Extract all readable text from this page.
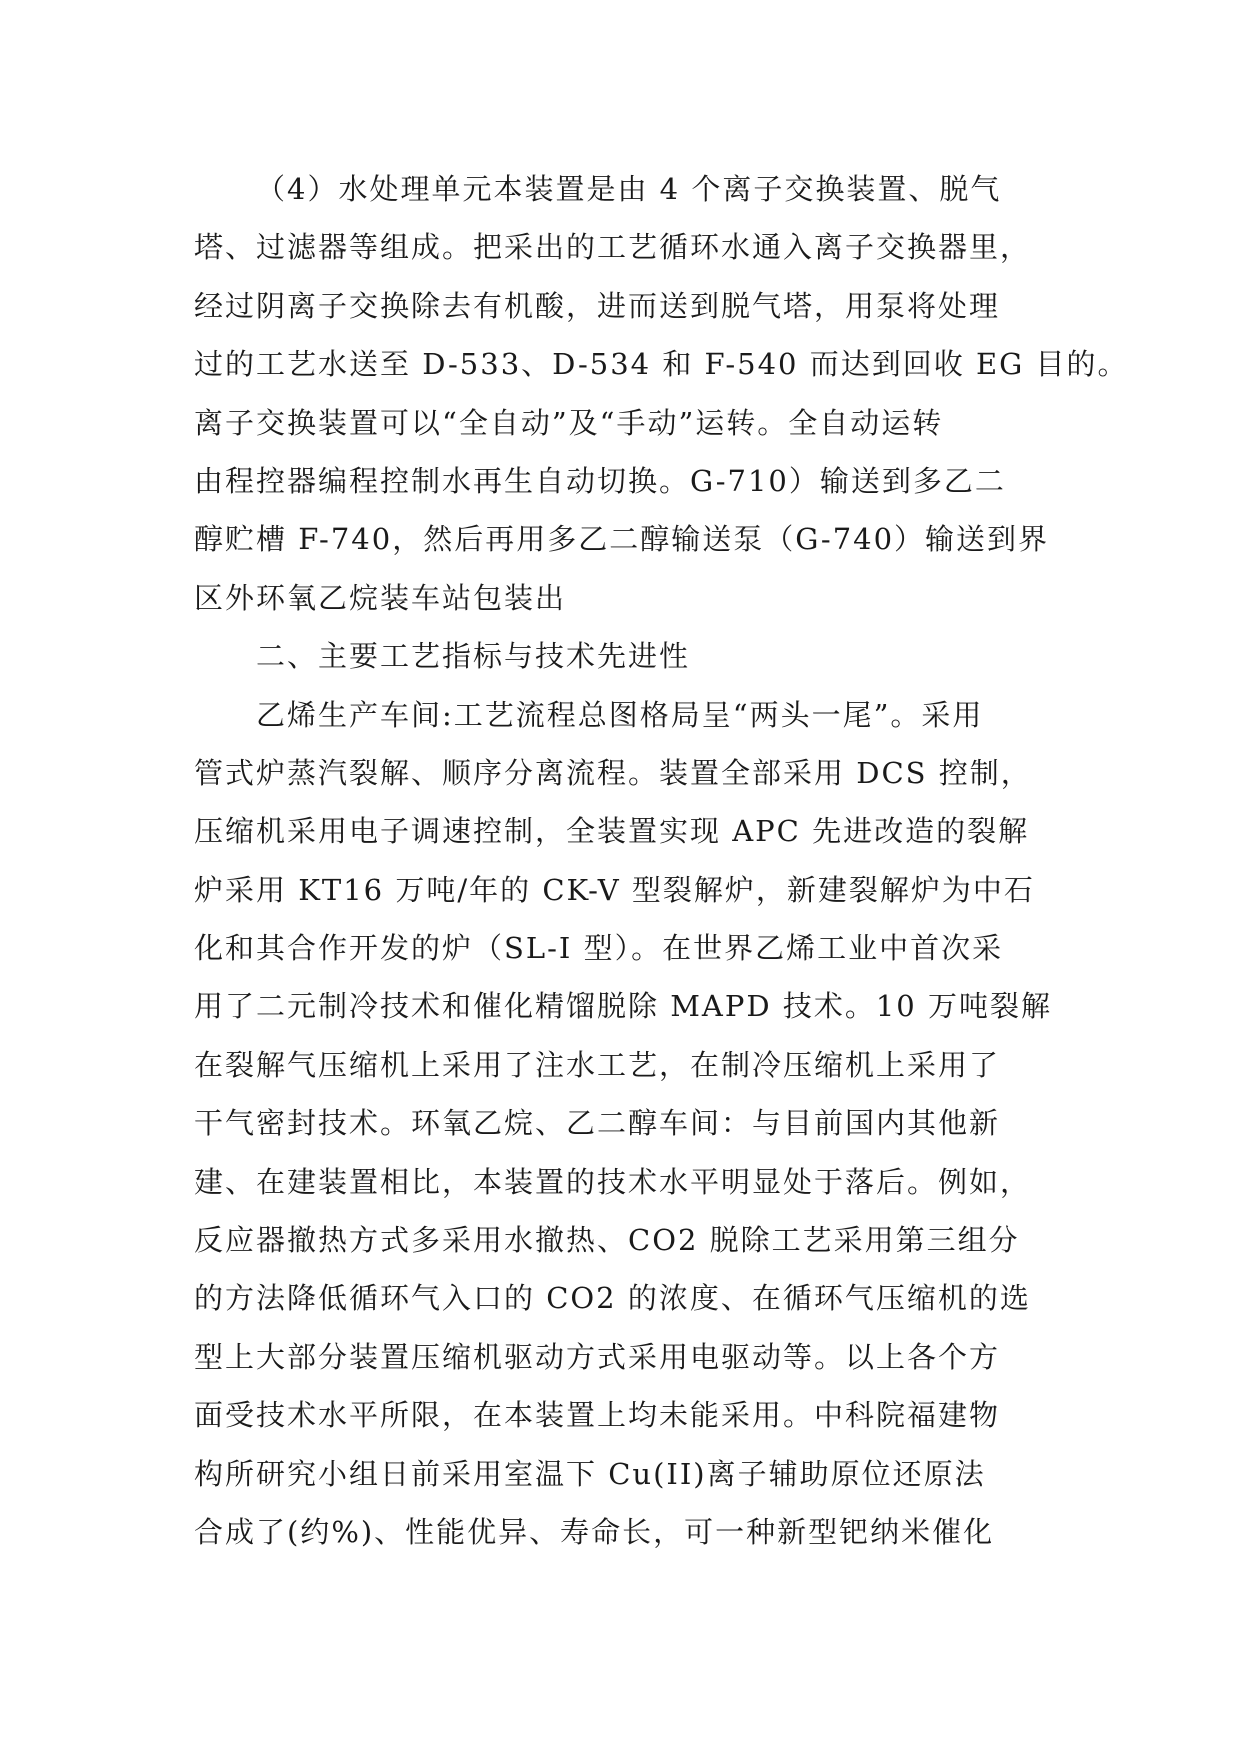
（4）水处理单元本装置是由 4 个离子交换装置、脱气
塔、过滤器等组成。把采出的工艺循环水通入离子交换器里，
经过阴离子交换除去有机酸，进而送到脱气塔，用泵将处理
过的工艺水送至 D-533、D-534 和 F-540 而达到回收 EG 目的。
离子交换装置可以“全自动”及“手动”运转。全自动运转
由程控器编程控制水再生自动切换。G-710）输送到多乙二
醇贮槽 F-740，然后再用多乙二醇输送泵（G-740）输送到界
区外环氧乙烷装车站包装出
二、主要工艺指标与技术先进性
乙烯生产车间:工艺流程总图格局呈“两头一尾”。采用
管式炉蒸汽裂解、顺序分离流程。装置全部采用 DCS 控制，
压缩机采用电子调速控制，全装置实现 APC 先进改造的裂解
炉采用 KT16 万吨/年的 CK-V 型裂解炉，新建裂解炉为中石
化和其合作开发的炉（SL-I 型）。在世界乙烯工业中首次采
用了二元制冷技术和催化精馏脱除 MAPD 技术。10 万吨裂解
在裂解气压缩机上采用了注水工艺，在制冷压缩机上采用了
干气密封技术。环氧乙烷、乙二醇车间：与目前国内其他新
建、在建装置相比，本装置的技术水平明显处于落后。例如，
反应器撤热方式多采用水撤热、CO2 脱除工艺采用第三组分
的方法降低循环气入口的 CO2 的浓度、在循环气压缩机的选
型上大部分装置压缩机驱动方式采用电驱动等。以上各个方
面受技术水平所限，在本装置上均未能采用。中科院福建物
构所研究小组日前采用室温下 Cu(II)离子辅助原位还原法
合成了(约%)、性能优异、寿命长，可一种新型钯纳米催化
